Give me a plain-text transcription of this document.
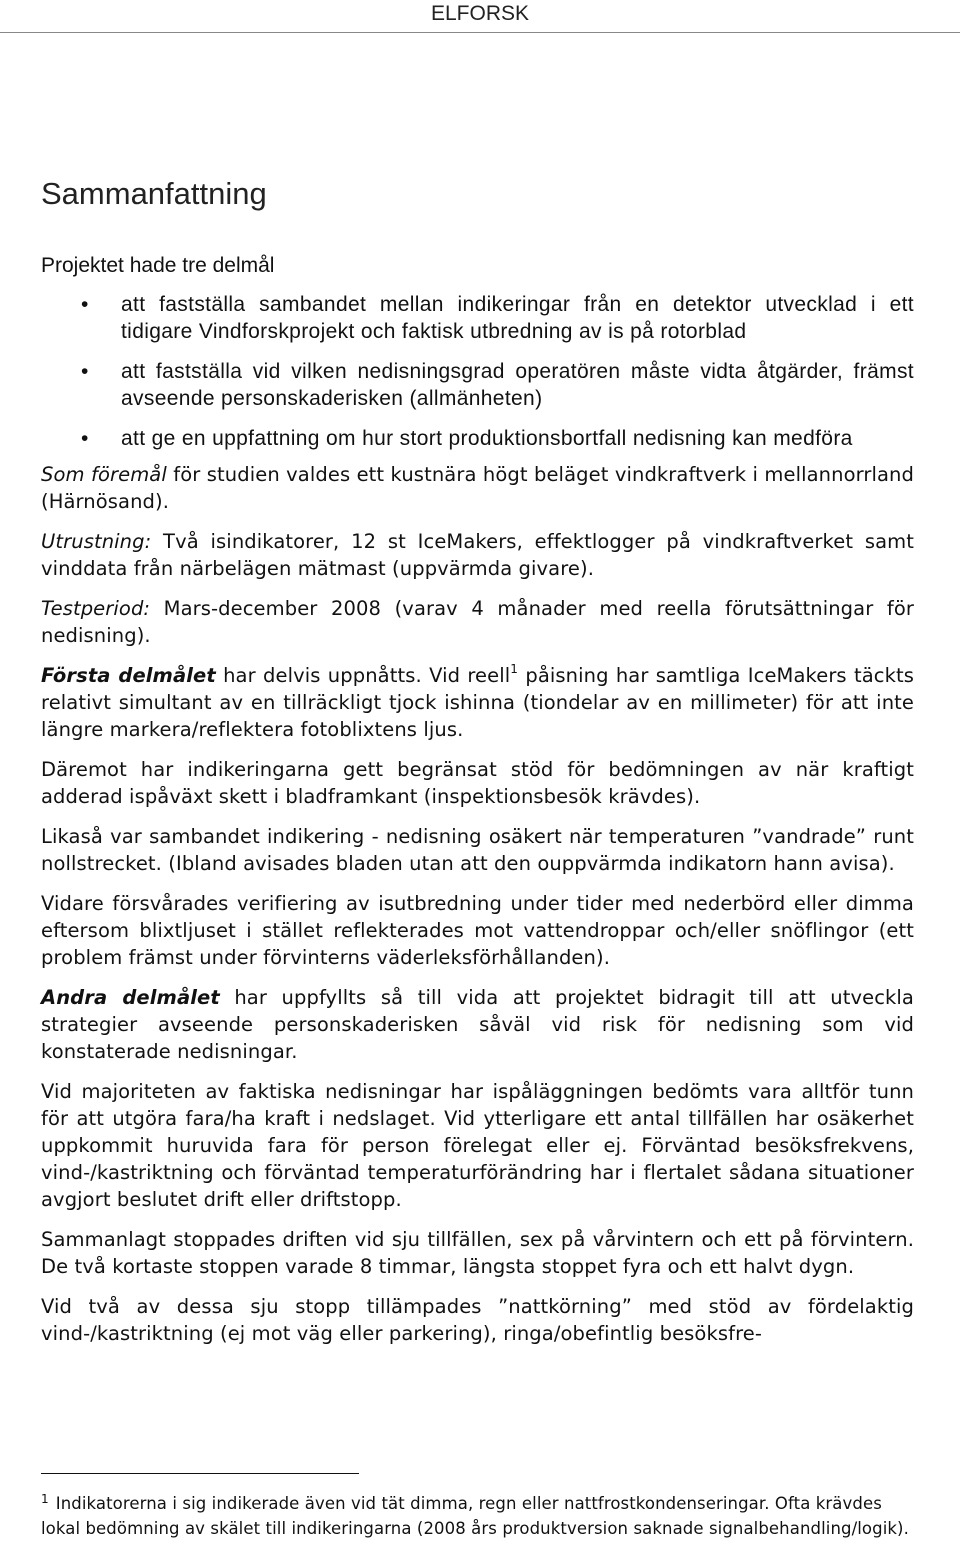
ELFORSK
Sammanfattning
Projektet hade tre delmål
• att fastställa sambandet mellan indikeringar från en detektor utvecklad i ett tidigare Vindforskprojekt och faktisk utbredning av is på rotorblad
• att fastställa vid vilken nedisningsgrad operatören måste vidta åtgärder, främst avseende personskaderisken (allmänheten)
• att ge en uppfattning om hur stort produktionsbortfall nedisning kan medföra

Som föremål för studien valdes ett kustnära högt beläget vindkraftverk i mellannorrland (Härnösand).

Utrustning: Två isindikatorer, 12 st IceMakers, effektlogger på vindkraftverket samt vinddata från närbelägen mätmast (uppvärmda givare).

Testperiod: Mars-december 2008 (varav 4 månader med reella förutsättningar för nedisning).

Första delmålet har delvis uppnåtts. Vid reell$^1$ påisning har samtliga IceMakers täckts relativt simultant av en tillräckligt tjock ishinna (tiondelar av en millimeter) för att inte längre markera/reflektera fotoblixtens ljus.

Däremot har indikeringarna gett begränsat stöd för bedömningen av när kraftigt adderad ispåväxt skett i bladframkant (inspektionsbesök krävdes).

Likaså var sambandet indikering - nedisning osäkert när temperaturen ”vandrade” runt nollstrecket. (Ibland avisades bladen utan att den ouppvärmda indikatorn hann avisa).

Vidare försvårades verifiering av isutbredning under tider med nederbörd eller dimma eftersom blixtljuset i stället reflekterades mot vattendroppar och/eller snöflingor (ett problem främst under förvinterns väderleksförhållanden).

Andra delmålet har uppfyllts så till vida att projektet bidragit till att utveckla strategier avseende personskaderisken såväl vid risk för nedisning som vid konstaterade nedisningar.

Vid majoriteten av faktiska nedisningar har ispåläggningen bedömts vara alltför tunn för att utgöra fara/ha kraft i nedslaget. Vid ytterligare ett antal tillfällen har osäkerhet uppkommit huruvida fara för person förelegat eller ej. Förväntad besöksfrekvens, vind-/kastriktning och förväntad temperaturförändring har i flertalet sådana situationer avgjort beslutet drift eller driftstopp.

Sammanlagt stoppades driften vid sju tillfällen, sex på vårvintern och ett på förvintern. De två kortaste stoppen varade 8 timmar, längsta stoppet fyra och ett halvt dygn.

Vid två av dessa sju stopp tillämpades ”nattkörning” med stöd av fördelaktig vind-/kastriktning (ej mot väg eller parkering), ringa/obefintlig besöksfre-

$^1$ Indikatorerna i sig indikerade även vid tät dimma, regn eller nattfrostkondenseringar. Ofta krävdes lokal bedömning av skälet till indikeringarna (2008 års produktversion saknade signalbehandling/logik).
